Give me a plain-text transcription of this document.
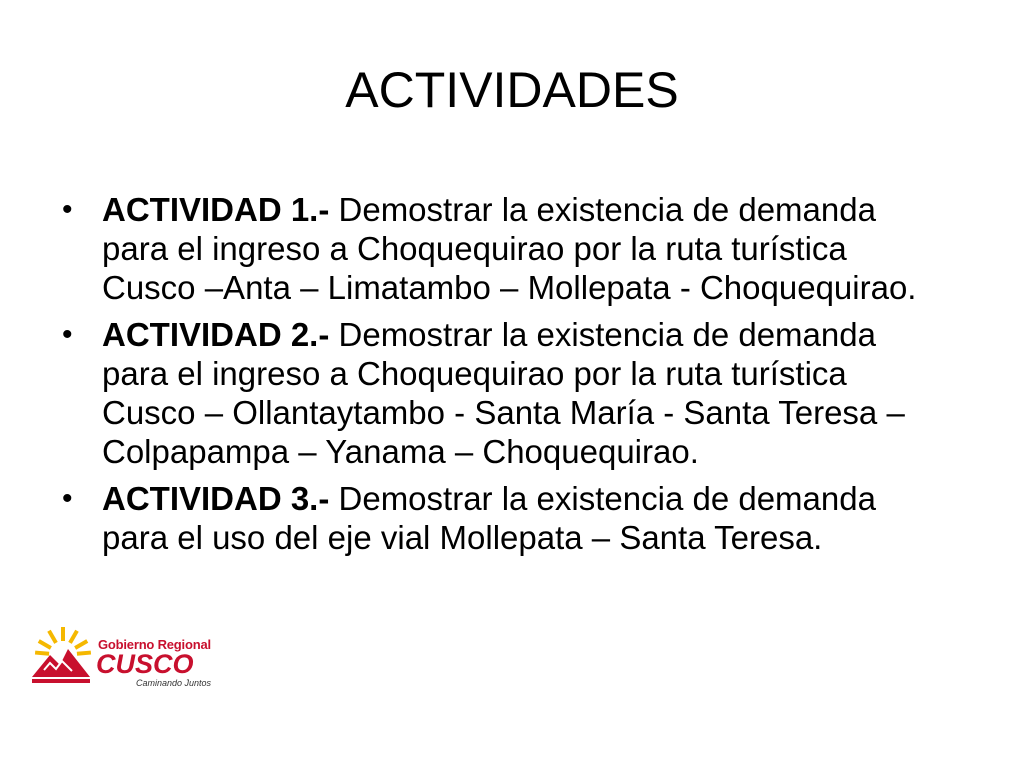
ACTIVIDADES
• ACTIVIDAD 1.- Demostrar la existencia de demanda para el ingreso a Choquequirao por la ruta turística Cusco –Anta – Limatambo – Mollepata - Choquequirao.
• ACTIVIDAD 2.- Demostrar la existencia de demanda para el ingreso a Choquequirao por la ruta turística Cusco – Ollantaytambo - Santa María - Santa Teresa – Colpapampa – Yanama – Choquequirao.
• ACTIVIDAD 3.- Demostrar la existencia de demanda para el uso del eje vial Mollepata – Santa Teresa.
Gobierno Regional
CUSCO
Caminando Juntos
